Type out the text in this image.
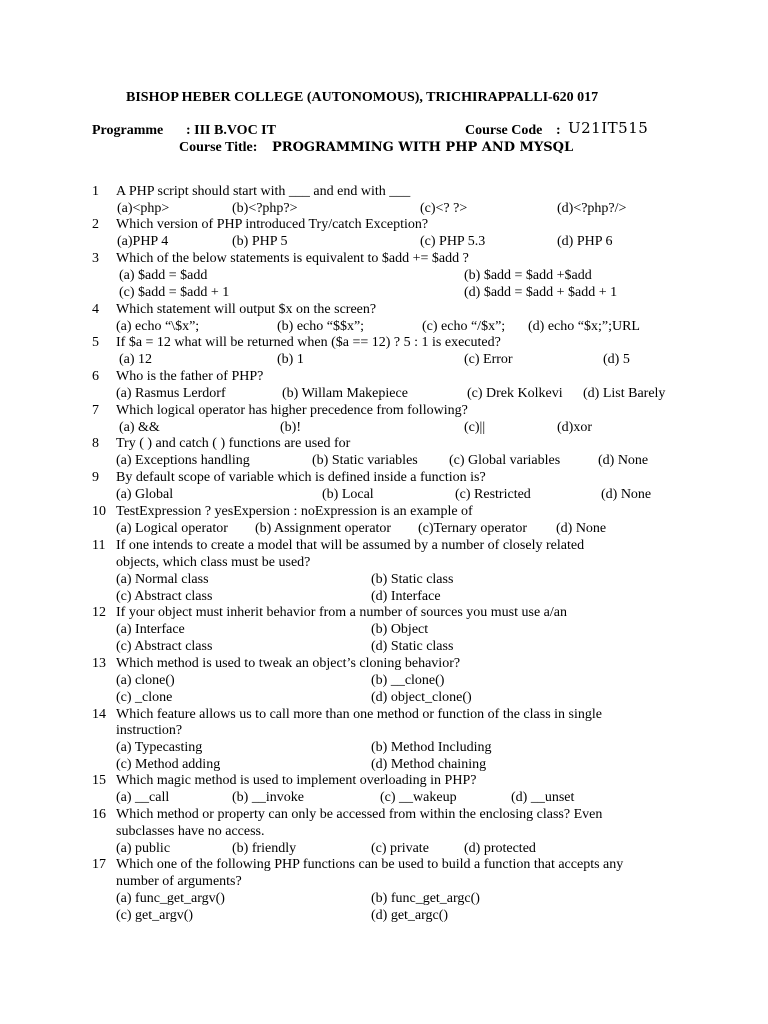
BISHOP HEBER COLLEGE (AUTONOMOUS), TRICHIRAPPALLI-620 017
Programme : III B.VOC IT	Course Code : U21IT515
Course Title: PROGRAMMING WITH PHP AND MYSQL
1 A PHP script should start with ___ and end with ___
(a)<php>	(b)<?php?>	(c)<? ?>	(d)<?php?/>
2 Which version of PHP introduced Try/catch Exception?
(a)PHP 4	(b) PHP 5	(c) PHP 5.3	(d) PHP 6
3 Which of the below statements is equivalent to $add += $add ?
(a) $add = $add	(b) $add = $add +$add
(c) $add = $add + 1	(d) $add = $add + $add + 1
4 Which statement will output $x on the screen?
(a) echo “\$x”;	(b) echo “$$x”;	(c) echo “/$x”; (d) echo “$x;”;URL
5 If $a = 12 what will be returned when ($a == 12) ? 5 : 1 is executed?
(a) 12	(b) 1	(c) Error	(d) 5
6 Who is the father of PHP?
(a) Rasmus Lerdorf	(b) Willam Makepiece	(c) Drek Kolkevi (d) List Barely
7 Which logical operator has higher precedence from following?
(a) &&	(b)!	(c)||	(d)xor
8 Try ( ) and catch ( ) functions are used for
(a) Exceptions handling	(b) Static variables (c) Global variables	(d) None
9 By default scope of variable which is defined inside a function is?
(a) Global	(b) Local	(c) Restricted	(d) None
10 TestExpression ? yesExpersion : noExpression is an example of
(a) Logical operator (b) Assignment operator (c)Ternary operator (d) None
11 If one intends to create a model that will be assumed by a number of closely related
objects, which class must be used?
(a) Normal class	(b) Static class
(c) Abstract class	(d) Interface
12 If your object must inherit behavior from a number of sources you must use a/an
(a) Interface	(b) Object
(c) Abstract class	(d) Static class
13 Which method is used to tweak an object’s cloning behavior?
(a) clone()	(b) __clone()
(c) _clone	(d) object_clone()
14 Which feature allows us to call more than one method or function of the class in single
instruction?
(a) Typecasting	(b) Method Including
(c) Method adding	(d) Method chaining
15 Which magic method is used to implement overloading in PHP?
(a) __call	(b) __invoke	(c) __wakeup	(d) __unset
16 Which method or property can only be accessed from within the enclosing class? Even
subclasses have no access.
(a) public	(b) friendly	(c) private	(d) protected
17 Which one of the following PHP functions can be used to build a function that accepts any
number of arguments?
(a) func_get_argv()	(b) func_get_argc()
(c) get_argv()	(d) get_argc()
